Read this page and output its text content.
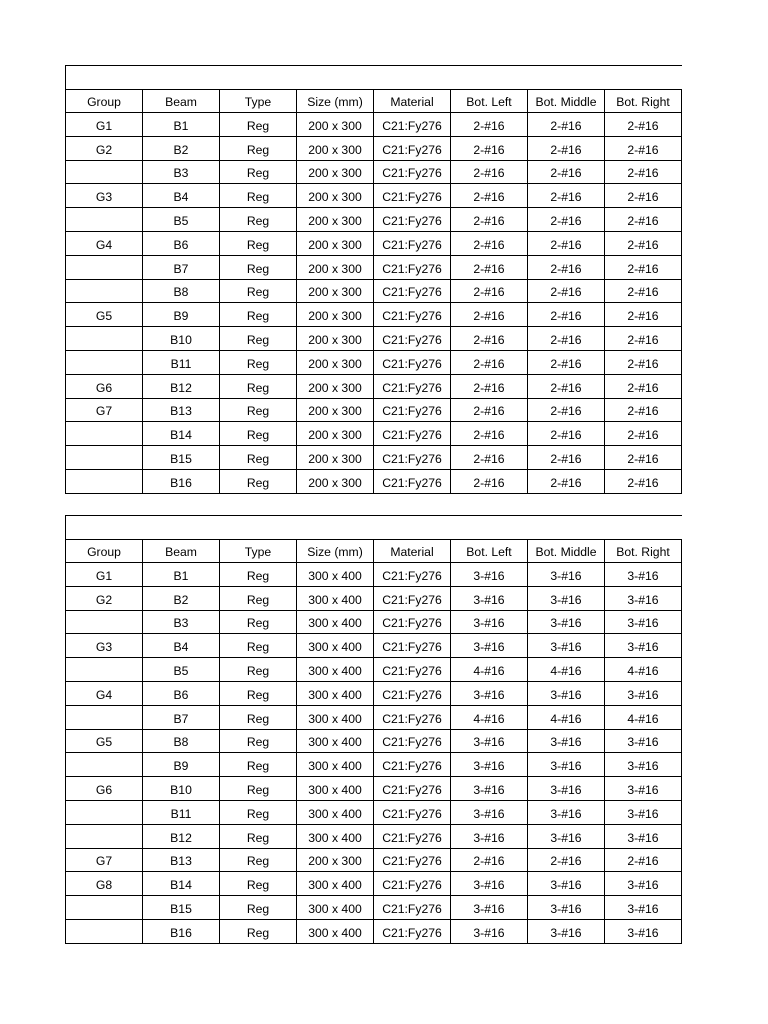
Group	Beam	Type	Size (mm)	Material	Bot. Left	Bot. Middle	Bot. Right
G1	B1	Reg	200 x 300	C21:Fy276	2-#16	2-#16	2-#16
G2	B2	Reg	200 x 300	C21:Fy276	2-#16	2-#16	2-#16
	B3	Reg	200 x 300	C21:Fy276	2-#16	2-#16	2-#16
G3	B4	Reg	200 x 300	C21:Fy276	2-#16	2-#16	2-#16
	B5	Reg	200 x 300	C21:Fy276	2-#16	2-#16	2-#16
G4	B6	Reg	200 x 300	C21:Fy276	2-#16	2-#16	2-#16
	B7	Reg	200 x 300	C21:Fy276	2-#16	2-#16	2-#16
	B8	Reg	200 x 300	C21:Fy276	2-#16	2-#16	2-#16
G5	B9	Reg	200 x 300	C21:Fy276	2-#16	2-#16	2-#16
	B10	Reg	200 x 300	C21:Fy276	2-#16	2-#16	2-#16
	B11	Reg	200 x 300	C21:Fy276	2-#16	2-#16	2-#16
G6	B12	Reg	200 x 300	C21:Fy276	2-#16	2-#16	2-#16
G7	B13	Reg	200 x 300	C21:Fy276	2-#16	2-#16	2-#16
	B14	Reg	200 x 300	C21:Fy276	2-#16	2-#16	2-#16
	B15	Reg	200 x 300	C21:Fy276	2-#16	2-#16	2-#16
	B16	Reg	200 x 300	C21:Fy276	2-#16	2-#16	2-#16
Group	Beam	Type	Size (mm)	Material	Bot. Left	Bot. Middle	Bot. Right
G1	B1	Reg	300 x 400	C21:Fy276	3-#16	3-#16	3-#16
G2	B2	Reg	300 x 400	C21:Fy276	3-#16	3-#16	3-#16
	B3	Reg	300 x 400	C21:Fy276	3-#16	3-#16	3-#16
G3	B4	Reg	300 x 400	C21:Fy276	3-#16	3-#16	3-#16
	B5	Reg	300 x 400	C21:Fy276	4-#16	4-#16	4-#16
G4	B6	Reg	300 x 400	C21:Fy276	3-#16	3-#16	3-#16
	B7	Reg	300 x 400	C21:Fy276	4-#16	4-#16	4-#16
G5	B8	Reg	300 x 400	C21:Fy276	3-#16	3-#16	3-#16
	B9	Reg	300 x 400	C21:Fy276	3-#16	3-#16	3-#16
G6	B10	Reg	300 x 400	C21:Fy276	3-#16	3-#16	3-#16
	B11	Reg	300 x 400	C21:Fy276	3-#16	3-#16	3-#16
	B12	Reg	300 x 400	C21:Fy276	3-#16	3-#16	3-#16
G7	B13	Reg	200 x 300	C21:Fy276	2-#16	2-#16	2-#16
G8	B14	Reg	300 x 400	C21:Fy276	3-#16	3-#16	3-#16
	B15	Reg	300 x 400	C21:Fy276	3-#16	3-#16	3-#16
	B16	Reg	300 x 400	C21:Fy276	3-#16	3-#16	3-#16
